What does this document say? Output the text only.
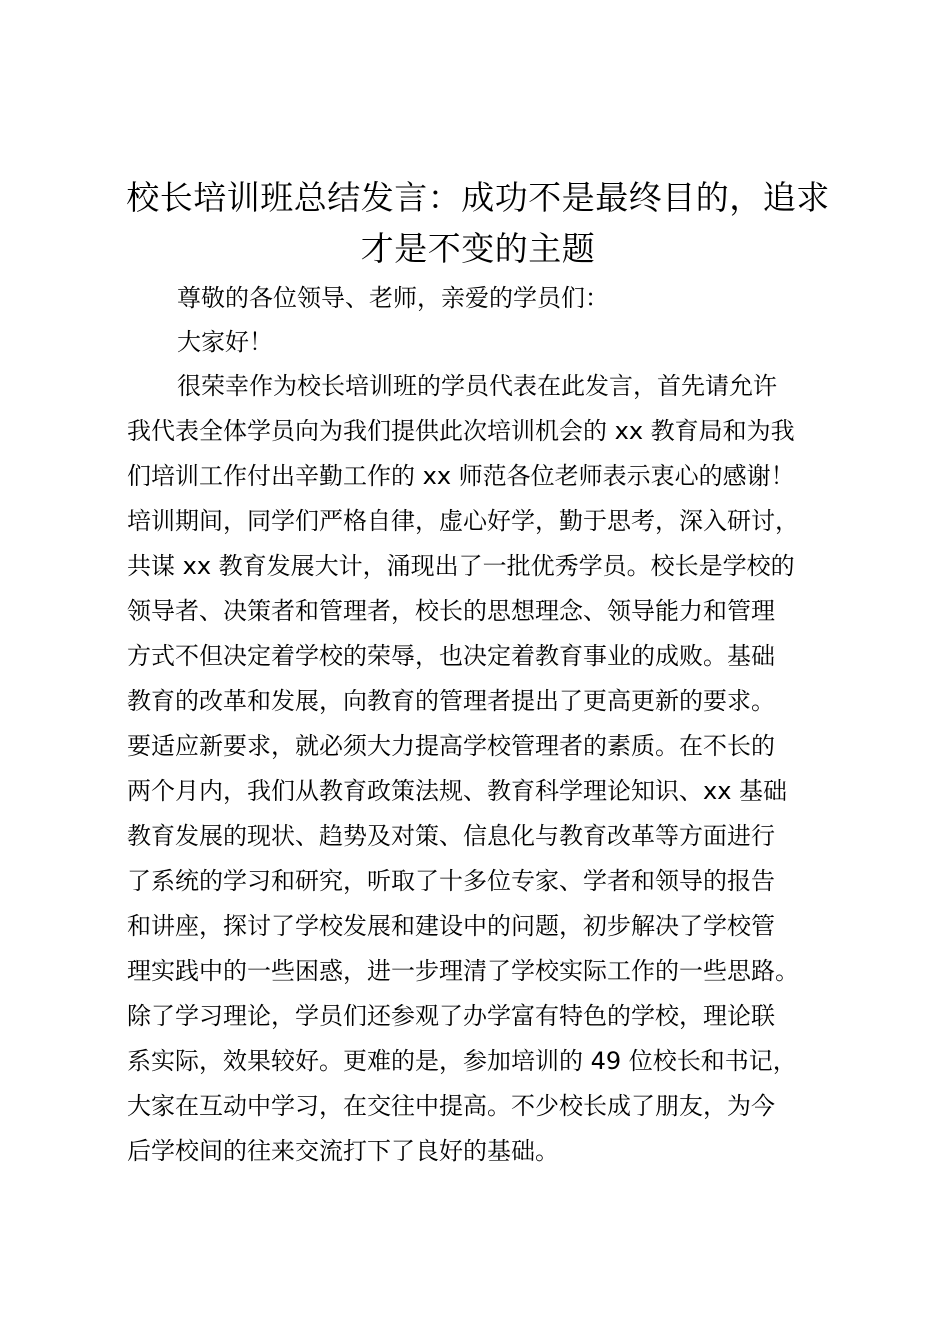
校长培训班总结发言：成功不是最终目的，追求才是不变的主题
尊敬的各位领导、老师，亲爱的学员们：
大家好！
很荣幸作为校长培训班的学员代表在此发言，首先请允许
我代表全体学员向为我们提供此次培训机会的 xx 教育局和为我
们培训工作付出辛勤工作的 xx 师范各位老师表示衷心的感谢！
培训期间，同学们严格自律，虚心好学，勤于思考，深入研讨，
共谋 xx 教育发展大计，涌现出了一批优秀学员。校长是学校的
领导者、决策者和管理者，校长的思想理念、领导能力和管理
方式不但决定着学校的荣辱，也决定着教育事业的成败。基础
教育的改革和发展，向教育的管理者提出了更高更新的要求。
要适应新要求，就必须大力提高学校管理者的素质。在不长的
两个月内，我们从教育政策法规、教育科学理论知识、xx 基础
教育发展的现状、趋势及对策、信息化与教育改革等方面进行
了系统的学习和研究，听取了十多位专家、学者和领导的报告
和讲座，探讨了学校发展和建设中的问题，初步解决了学校管
理实践中的一些困惑，进一步理清了学校实际工作的一些思路。
除了学习理论，学员们还参观了办学富有特色的学校，理论联
系实际，效果较好。更难的是，参加培训的 49 位校长和书记，
大家在互动中学习，在交往中提高。不少校长成了朋友，为今
后学校间的往来交流打下了良好的基础。
